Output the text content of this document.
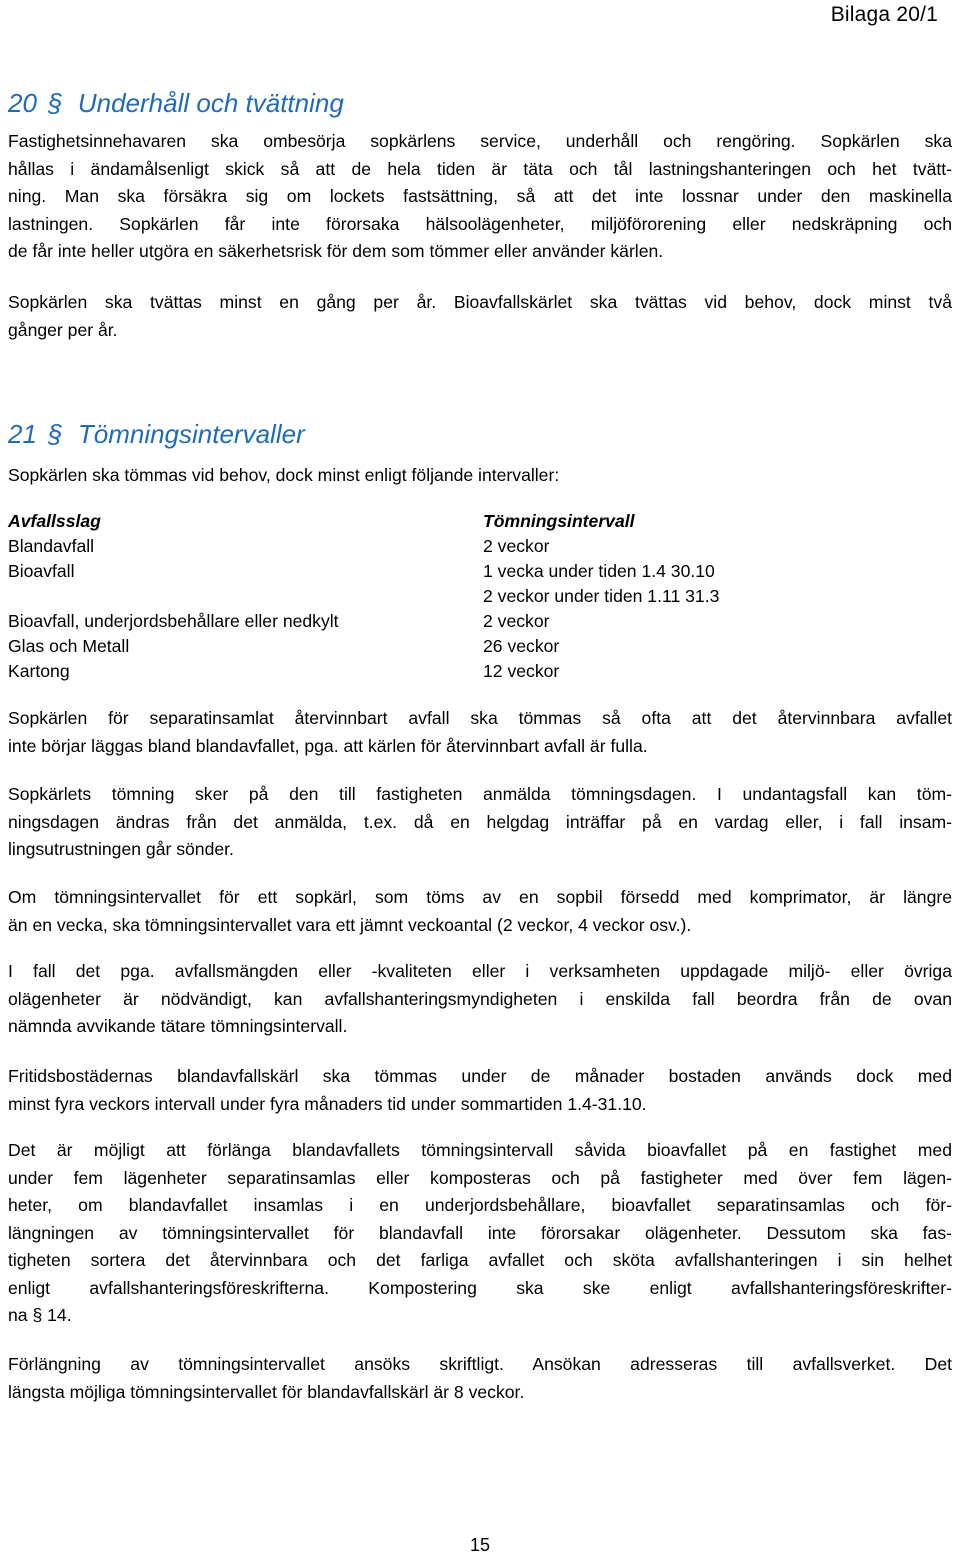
Bilaga 20/1
20 § Underhåll och tvättning
Fastighetsinnehavaren ska ombesörja sopkärlens service, underhåll och rengöring. Sopkärlen ska
hållas i ändamålsenligt skick så att de hela tiden är täta och tål lastningshanteringen och het tvätt-
ning. Man ska försäkra sig om lockets fastsättning, så att det inte lossnar under den maskinella
lastningen. Sopkärlen får inte förorsaka hälsoolägenheter, miljöförorening eller nedskräpning och
de får inte heller utgöra en säkerhetsrisk för dem som tömmer eller använder kärlen.
Sopkärlen ska tvättas minst en gång per år. Bioavfallskärlet ska tvättas vid behov, dock minst två
gånger per år.
21 § Tömningsintervaller
Sopkärlen ska tömmas vid behov, dock minst enligt följande intervaller:
Avfallsslag	Tömningsintervall
Blandavfall	2 veckor
Bioavfall	1 vecka under tiden 1.4 30.10
2 veckor under tiden 1.11 31.3
Bioavfall, underjordsbehållare eller nedkylt	2 veckor
Glas och Metall	26 veckor
Kartong	12 veckor
Sopkärlen för separatinsamlat återvinnbart avfall ska tömmas så ofta att det återvinnbara avfallet
inte börjar läggas bland blandavfallet, pga. att kärlen för återvinnbart avfall är fulla.
Sopkärlets tömning sker på den till fastigheten anmälda tömningsdagen. I undantagsfall kan töm-
ningsdagen ändras från det anmälda, t.ex. då en helgdag inträffar på en vardag eller, i fall insam-
lingsutrustningen går sönder.
Om tömningsintervallet för ett sopkärl, som töms av en sopbil försedd med komprimator, är längre
än en vecka, ska tömningsintervallet vara ett jämnt veckoantal (2 veckor, 4 veckor osv.).
I fall det pga. avfallsmängden eller -kvaliteten eller i verksamheten uppdagade miljö- eller övriga
olägenheter är nödvändigt, kan avfallshanteringsmyndigheten i enskilda fall beordra från de ovan
nämnda avvikande tätare tömningsintervall.
Fritidsbostädernas blandavfallskärl ska tömmas under de månader bostaden används dock med
minst fyra veckors intervall under fyra månaders tid under sommartiden 1.4-31.10.
Det är möjligt att förlänga blandavfallets tömningsintervall såvida bioavfallet på en fastighet med
under fem lägenheter separatinsamlas eller komposteras och på fastigheter med över fem lägen-
heter, om blandavfallet insamlas i en underjordsbehållare, bioavfallet separatinsamlas och för-
längningen av tömningsintervallet för blandavfall inte förorsakar olägenheter. Dessutom ska fas-
tigheten sortera det återvinnbara och det farliga avfallet och sköta avfallshanteringen i sin helhet
enligt avfallshanteringsföreskrifterna. Kompostering ska ske enligt avfallshanteringsföreskrifter-
na § 14.
Förlängning av tömningsintervallet ansöks skriftligt. Ansökan adresseras till avfallsverket. Det
längsta möjliga tömningsintervallet för blandavfallskärl är 8 veckor.
15
